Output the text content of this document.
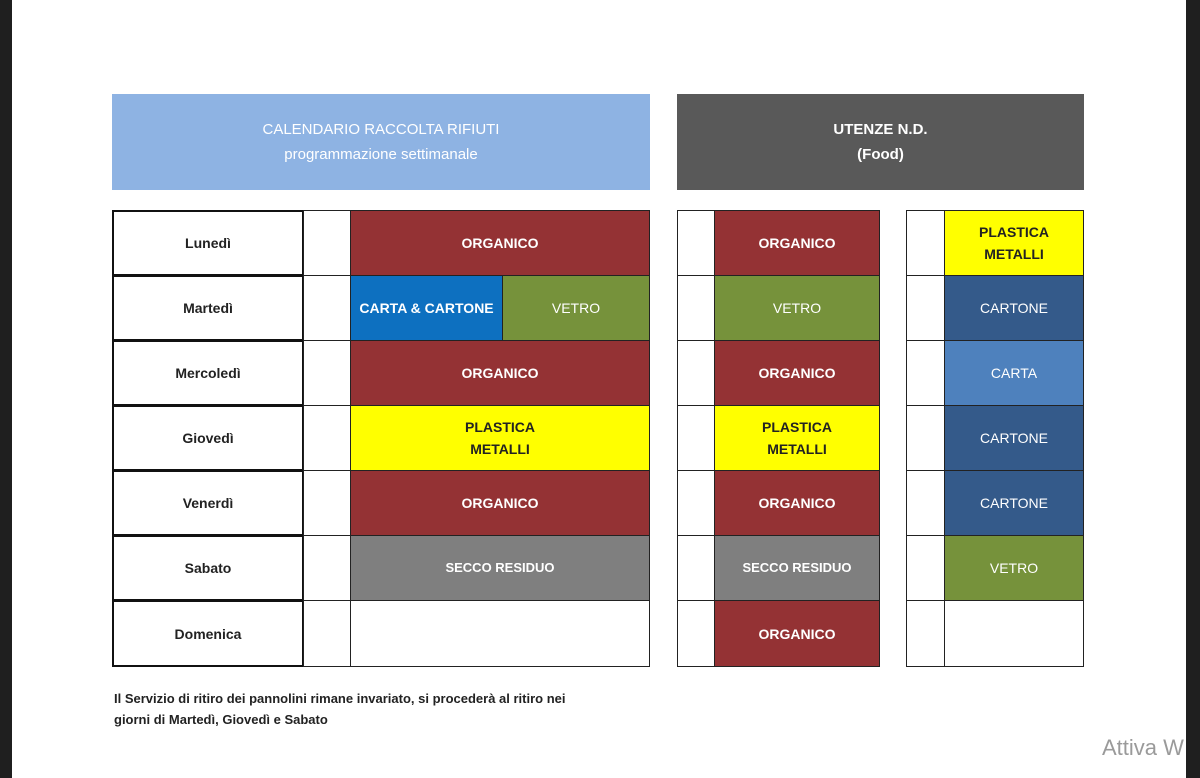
CALENDARIO RACCOLTA RIFIUTI
programmazione settimanale
UTENZE N.D.
(Food)
Lunedì
Martedì
Mercoledì
Giovedì
Venerdì
Sabato
Domenica
ORGANICO
CARTA & CARTONE	VETRO
ORGANICO
PLASTICA
METALLI
ORGANICO
SECCO RESIDUO
ORGANICO
VETRO
ORGANICO
PLASTICA
METALLI
ORGANICO
SECCO RESIDUO
ORGANICO
PLASTICA
METALLI
CARTONE
CARTA
CARTONE
CARTONE
VETRO
Il Servizio di ritiro dei pannolini rimane invariato, si procederà al ritiro nei
giorni di Martedì, Giovedì e Sabato
Attiva W
